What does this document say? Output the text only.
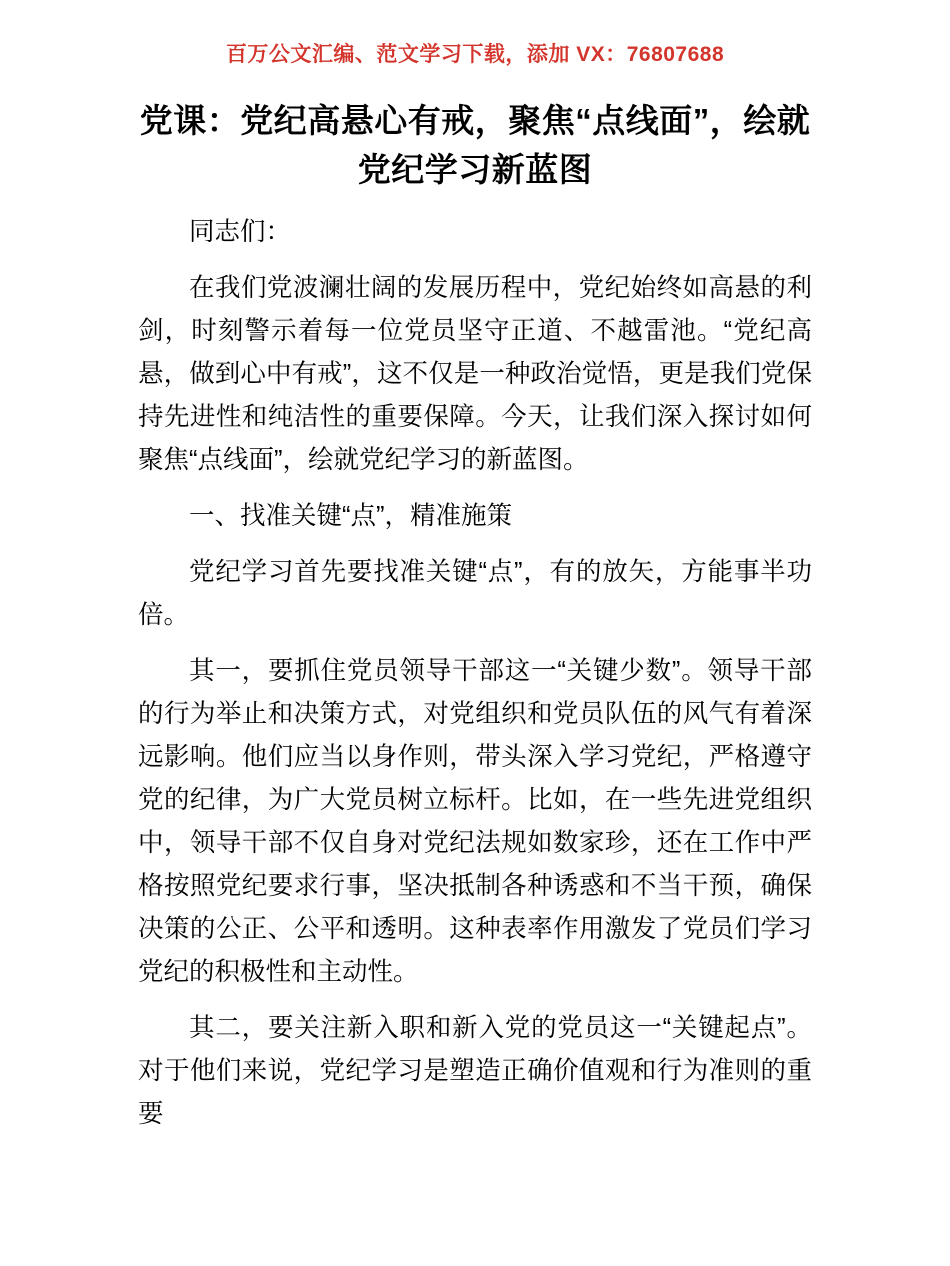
百万公文汇编、范文学习下载，添加 VX：76807688
党课：党纪高悬心有戒，聚焦“点线面”，绘就党纪学习新蓝图

同志们：

在我们党波澜壮阔的发展历程中，党纪始终如高悬的利剑，时刻警示着每一位党员坚守正道、不越雷池。“党纪高悬，做到心中有戒”，这不仅是一种政治觉悟，更是我们党保持先进性和纯洁性的重要保障。今天，让我们深入探讨如何聚焦“点线面”，绘就党纪学习的新蓝图。

一、找准关键“点”，精准施策

党纪学习首先要找准关键“点”，有的放矢，方能事半功倍。

其一，要抓住党员领导干部这一“关键少数”。领导干部的行为举止和决策方式，对党组织和党员队伍的风气有着深远影响。他们应当以身作则，带头深入学习党纪，严格遵守党的纪律，为广大党员树立标杆。比如，在一些先进党组织中，领导干部不仅自身对党纪法规如数家珍，还在工作中严格按照党纪要求行事，坚决抵制各种诱惑和不当干预，确保决策的公正、公平和透明。这种表率作用激发了党员们学习党纪的积极性和主动性。

其二，要关注新入职和新入党的党员这一“关键起点”。对于他们来说，党纪学习是塑造正确价值观和行为准则的重要
